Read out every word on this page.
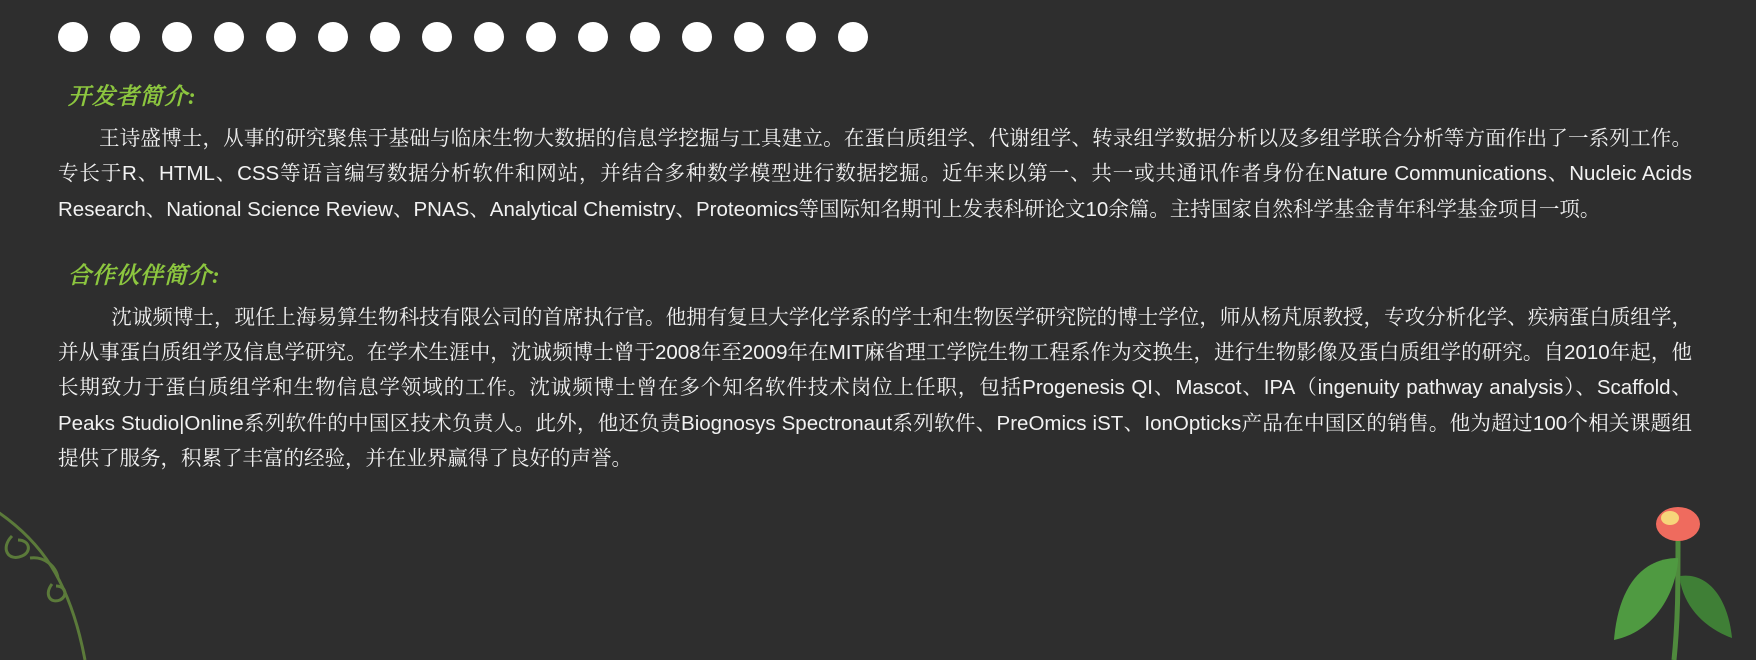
开发者简介:

王诗盛博士，从事的研究聚焦于基础与临床生物大数据的信息学挖掘与工具建立。在蛋白质组学、代谢组学、转录组学数据分析以及多组学联合分析等方面作出了一系列工作。专长于R、HTML、CSS等语言编写数据分析软件和网站，并结合多种数学模型进行数据挖掘。近年来以第一、共一或共通讯作者身份在Nature Communications、Nucleic Acids Research、National Science Review、PNAS、Analytical Chemistry、Proteomics等国际知名期刊上发表科研论文10余篇。主持国家自然科学基金青年科学基金项目一项。

合作伙伴简介:

沈诚频博士，现任上海易算生物科技有限公司的首席执行官。他拥有复旦大学化学系的学士和生物医学研究院的博士学位，师从杨芃原教授，专攻分析化学、疾病蛋白质组学，并从事蛋白质组学及信息学研究。在学术生涯中，沈诚频博士曾于2008年至2009年在MIT麻省理工学院生物工程系作为交换生，进行生物影像及蛋白质组学的研究。自2010年起，他长期致力于蛋白质组学和生物信息学领域的工作。沈诚频博士曾在多个知名软件技术岗位上任职，包括Progenesis QI、Mascot、IPA（ingenuity pathway analysis）、Scaffold、Peaks Studio|Online系列软件的中国区技术负责人。此外，他还负责Biognosys Spectronaut系列软件、PreOmics iST、IonOpticks产品在中国区的销售。他为超过100个相关课题组提供了服务，积累了丰富的经验，并在业界赢得了良好的声誉。
